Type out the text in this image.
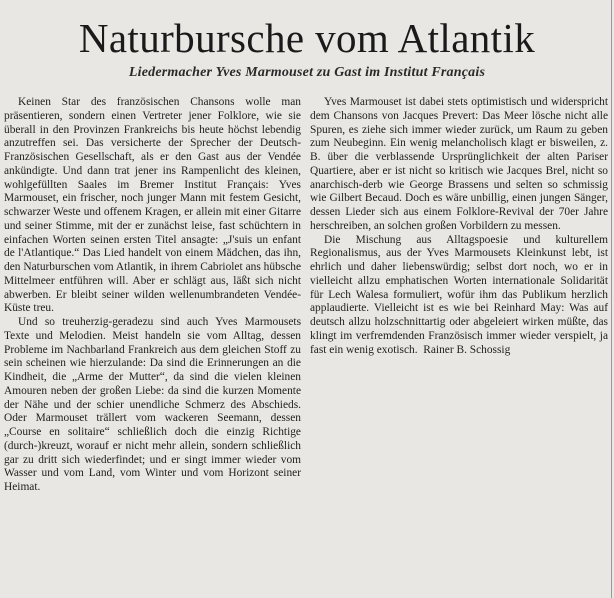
Naturbursche vom Atlantik
Liedermacher Yves Marmouset zu Gast im Institut Français

Keinen Star des französischen Chansons wolle man präsentieren, sondern einen Vertreter jener Folklore, wie sie überall in den Provinzen Frankreichs bis heute höchst lebendig anzutreffen sei. Das versicherte der Sprecher der Deutsch-Französischen Gesellschaft, als er den Gast aus der Vendée ankündigte. Und dann trat jener ins Rampenlicht des kleinen, wohlgefüllten Saales im Bremer Institut Français: Yves Marmouset, ein frischer, noch junger Mann mit festem Gesicht, schwarzer Weste und offenem Kragen, er allein mit einer Gitarre und seiner Stimme, mit der er zunächst leise, fast schüchtern in einfachen Worten seinen ersten Titel ansagte: „J'suis un enfant de l'Atlantique.“ Das Lied handelt von einem Mädchen, das ihn, den Naturburschen vom Atlantik, in ihrem Cabriolet ans hübsche Mittelmeer entführen will. Aber er schlägt aus, läßt sich nicht abwerben. Er bleibt seiner wilden wellenumbrandeten Vendée-Küste treu.

Und so treuherzig-geradezu sind auch Yves Marmousets Texte und Melodien. Meist handeln sie vom Alltag, dessen Probleme im Nachbarland Frankreich aus dem gleichen Stoff zu sein scheinen wie hierzulande: Da sind die Erinnerungen an die Kindheit, die „Arme der Mutter“, da sind die vielen kleinen Amouren neben der großen Liebe: da sind die kurzen Momente der Nähe und der schier unendliche Schmerz des Abschieds. Oder Marmouset trällert vom wackeren Seemann, dessen „Course en solitaire“ schließlich doch die einzig Richtige (durch-)kreuzt, worauf er nicht mehr allein, sondern schließlich gar zu dritt sich wiederfindet; und er singt immer wieder vom Wasser und vom Land, vom Winter und vom Horizont seiner Heimat.

Yves Marmouset ist dabei stets optimistisch und widerspricht dem Chansons von Jacques Prevert: Das Meer lösche nicht alle Spuren, es ziehe sich immer wieder zurück, um Raum zu geben zum Neubeginn. Ein wenig melancholisch klagt er bisweilen, z. B. über die verblassende Ursprünglichkeit der alten Pariser Quartiere, aber er ist nicht so kritisch wie Jacques Brel, nicht so anarchisch-derb wie George Brassens und selten so schmissig wie Gilbert Becaud. Doch es wäre unbillig, einen jungen Sänger, dessen Lieder sich aus einem Folklore-Revival der 70er Jahre herschreiben, an solchen großen Vorbildern zu messen.

Die Mischung aus Alltagspoesie und kulturellem Regionalismus, aus der Yves Marmousets Kleinkunst lebt, ist ehrlich und daher liebenswürdig; selbst dort noch, wo er in vielleicht allzu emphatischen Worten internationale Solidarität für Lech Walesa formuliert, wofür ihm das Publikum herzlich applaudierte. Vielleicht ist es wie bei Reinhard May: Was auf deutsch allzu holzschnittartig oder abgeleiert wirken müßte, das klingt im verfremdenden Französisch immer wieder verspielt, ja fast ein wenig exotisch. Rainer B. Schossig
